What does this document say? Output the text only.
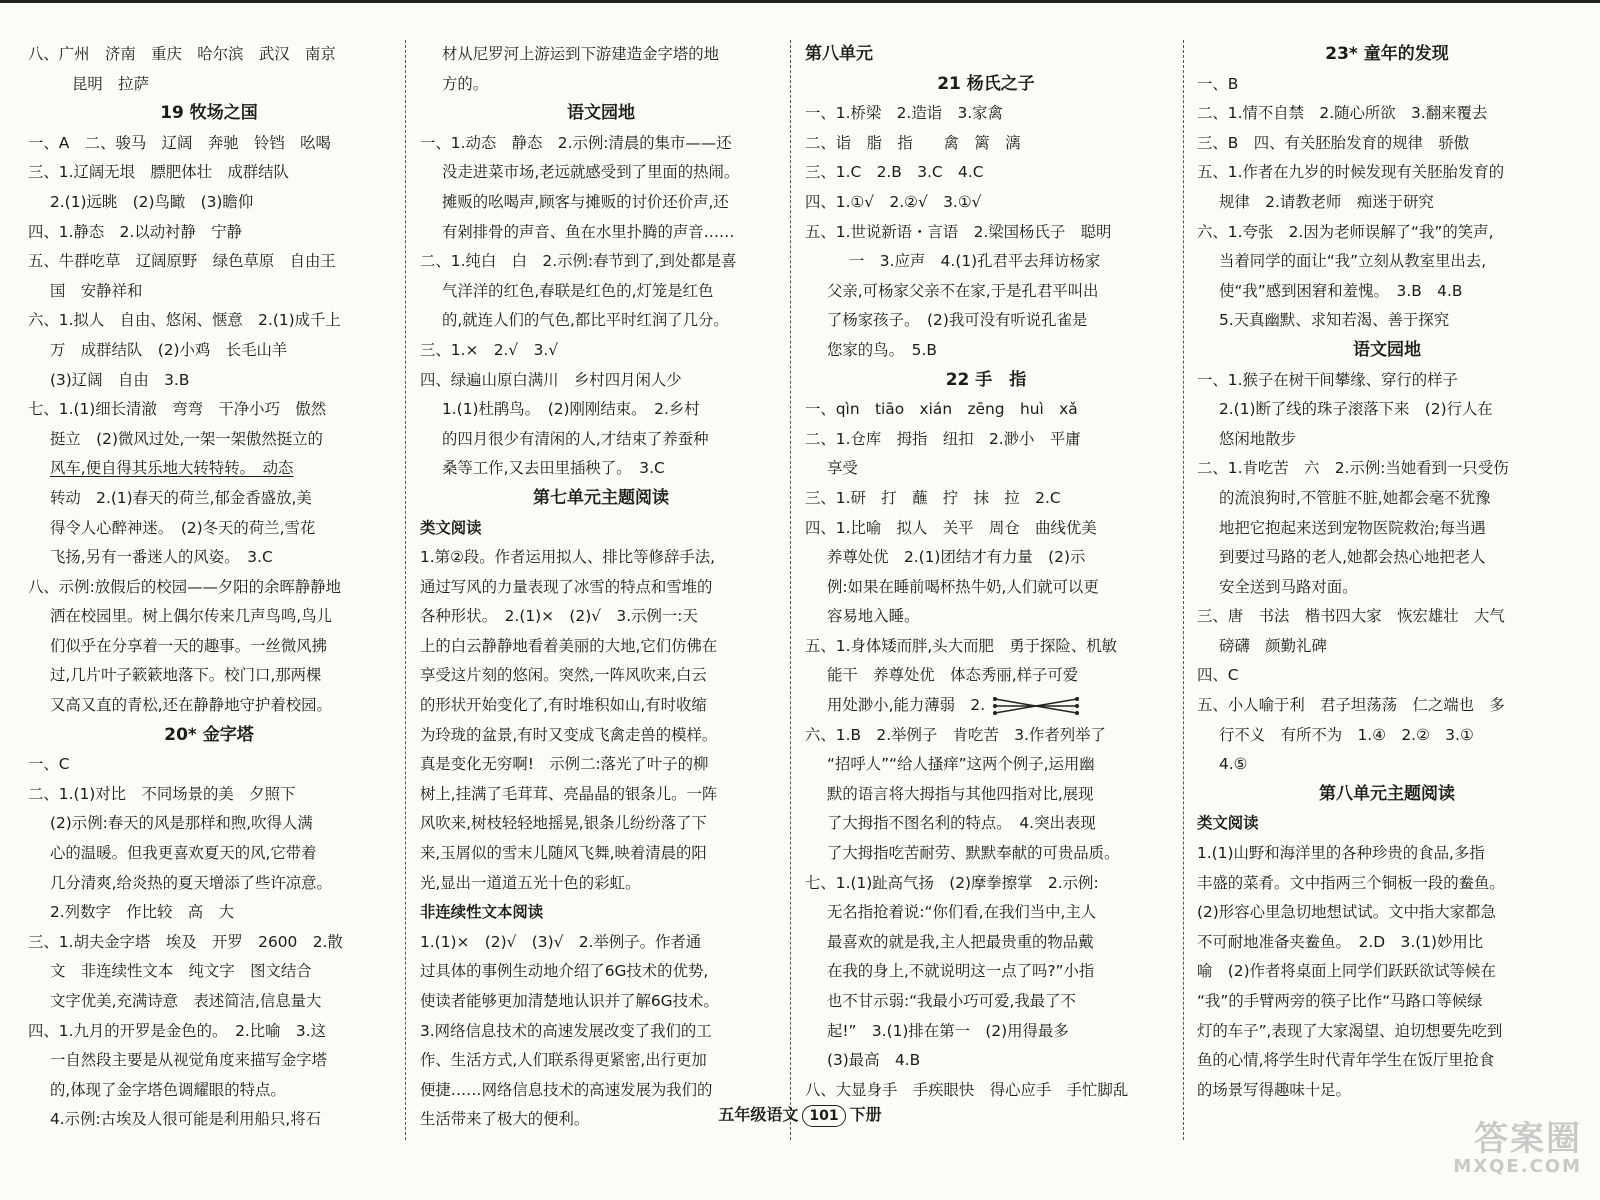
八、广州　济南　重庆　哈尔滨　武汉　南京
昆明　拉萨
19 牧场之国
一、A　二、骏马　辽阔　奔驰　铃铛　吆喝
三、1.辽阔无垠　膘肥体壮　成群结队
2.(1)远眺　(2)鸟瞰　(3)瞻仰
四、1.静态　2.以动衬静　宁静
五、牛群吃草　辽阔原野　绿色草原　自由王
国　安静祥和
六、1.拟人　自由、悠闲、惬意　2.(1)成千上
万　成群结队　(2)小鸡　长毛山羊
(3)辽阔　自由　3.B
七、1.(1)细长清澈　弯弯　干净小巧　傲然
挺立　(2)微风过处,一架一架傲然挺立的
风车,便自得其乐地大转特转。　动态
转动　2.(1)春天的荷兰,郁金香盛放,美
得令人心醉神迷。　(2)冬天的荷兰,雪花
飞扬,另有一番迷人的风姿。　3.C
八、示例:放假后的校园——夕阳的余晖静静地
洒在校园里。树上偶尔传来几声鸟鸣,鸟儿
们似乎在分享着一天的趣事。一丝微风拂
过,几片叶子簌簌地落下。校门口,那两棵
又高又直的青松,还在静静地守护着校园。
20* 金字塔
一、C
二、1.(1)对比　不同场景的美　夕照下
(2)示例:春天的风是那样和煦,吹得人满
心的温暖。但我更喜欢夏天的风,它带着
几分清爽,给炎热的夏天增添了些许凉意。
2.列数字　作比较　高　大
三、1.胡夫金字塔　埃及　开罗　2600　2.散
文　非连续性文本　纯文字　图文结合
文字优美,充满诗意　表述简洁,信息量大
四、1.九月的开罗是金色的。　2.比喻　3.这
一自然段主要是从视觉角度来描写金字塔
的,体现了金字塔色调耀眼的特点。
4.示例:古埃及人很可能是利用船只,将石
材从尼罗河上游运到下游建造金字塔的地
方的。
语文园地
一、1.动态　静态　2.示例:清晨的集市——还
没走进菜市场,老远就感受到了里面的热闹。
摊贩的吆喝声,顾客与摊贩的讨价还价声,还
有剁排骨的声音、鱼在水里扑腾的声音……
二、1.纯白　白　2.示例:春节到了,到处都是喜
气洋洋的红色,春联是红色的,灯笼是红色
的,就连人们的气色,都比平时红润了几分。
三、1.×　2.√　3.√
四、绿遍山原白满川　乡村四月闲人少
1.(1)杜鹃鸟。　(2)刚刚结束。　2.乡村
的四月很少有清闲的人,才结束了养蚕种
桑等工作,又去田里插秧了。　3.C
第七单元主题阅读
类文阅读
1.第②段。作者运用拟人、排比等修辞手法,
通过写风的力量表现了冰雪的特点和雪堆的
各种形状。　2.(1)×　(2)√　3.示例一:天
上的白云静静地看着美丽的大地,它们仿佛在
享受这片刻的悠闲。突然,一阵风吹来,白云
的形状开始变化了,有时堆积如山,有时收缩
为玲珑的盆景,有时又变成飞禽走兽的模样。
真是变化无穷啊!　示例二:落光了叶子的柳
树上,挂满了毛茸茸、亮晶晶的银条儿。一阵
风吹来,树枝轻轻地摇晃,银条儿纷纷落了下
来,玉屑似的雪末儿随风飞舞,映着清晨的阳
光,显出一道道五光十色的彩虹。
非连续性文本阅读
1.(1)×　(2)√　(3)√　2.举例子。作者通
过具体的事例生动地介绍了6G技术的优势,
使读者能够更加清楚地认识并了解6G技术。
3.网络信息技术的高速发展改变了我们的工
作、生活方式,人们联系得更紧密,出行更加
便捷……网络信息技术的高速发展为我们的
生活带来了极大的便利。
第八单元
21 杨氏之子
一、1.桥梁　2.造诣　3.家禽
二、诣　脂　指　　禽　篱　漓
三、1.C　2.B　3.C　4.C
四、1.①√　2.②√　3.①√
五、1.世说新语・言语　2.梁国杨氏子　聪明
一　3.应声　4.(1)孔君平去拜访杨家
父亲,可杨家父亲不在家,于是孔君平叫出
了杨家孩子。　(2)我可没有听说孔雀是
您家的鸟。　5.B
22 手　指
一、qìn　tiāo　xián　zēng　huì　xǎ
二、1.仓库　拇指　纽扣　2.渺小　平庸
享受
三、1.研　打　蘸　拧　抹　拉　2.C
四、1.比喻　拟人　关平　周仓　曲线优美
养尊处优　2.(1)团结才有力量　(2)示
例:如果在睡前喝杯热牛奶,人们就可以更
容易地入睡。
五、1.身体矮而胖,头大而肥　勇于探险、机敏
能干　养尊处优　体态秀丽,样子可爱
用处渺小,能力薄弱　2.
六、1.B　2.举例子　肯吃苦　3.作者列举了
“招呼人”“给人搔痒”这两个例子,运用幽
默的语言将大拇指与其他四指对比,展现
了大拇指不图名利的特点。　4.突出表现
了大拇指吃苦耐劳、默默奉献的可贵品质。
七、1.(1)趾高气扬　(2)摩拳擦掌　2.示例:
无名指抢着说:“你们看,在我们当中,主人
最喜欢的就是我,主人把最贵重的物品戴
在我的身上,不就说明这一点了吗?”小指
也不甘示弱:“我最小巧可爱,我最了不
起!”　3.(1)排在第一　(2)用得最多
(3)最高　4.B
八、大显身手　手疾眼快　得心应手　手忙脚乱
23* 童年的发现
一、B
二、1.情不自禁　2.随心所欲　3.翻来覆去
三、B　四、有关胚胎发育的规律　骄傲
五、1.作者在九岁的时候发现有关胚胎发育的
规律　2.请教老师　痴迷于研究
六、1.夸张　2.因为老师误解了“我”的笑声,
当着同学的面让“我”立刻从教室里出去,
使“我”感到困窘和羞愧。　3.B　4.B
5.天真幽默、求知若渴、善于探究
语文园地
一、1.猴子在树干间攀缘、穿行的样子
2.(1)断了线的珠子滚落下来　(2)行人在
悠闲地散步
二、1.肯吃苦　六　2.示例:当她看到一只受伤
的流浪狗时,不管脏不脏,她都会毫不犹豫
地把它抱起来送到宠物医院救治;每当遇
到要过马路的老人,她都会热心地把老人
安全送到马路对面。
三、唐　书法　楷书四大家　恢宏雄壮　大气
磅礴　颜勤礼碑
四、C
五、小人喻于利　君子坦荡荡　仁之端也　多
行不义　有所不为　1.④　2.②　3.①
4.⑤
第八单元主题阅读
类文阅读
1.(1)山野和海洋里的各种珍贵的食品,多指
丰盛的菜肴。文中指两三个铜板一段的鲞鱼。
(2)形容心里急切地想试试。文中指大家都急
不可耐地准备夹鲞鱼。　2.D　3.(1)妙用比
喻　(2)作者将桌面上同学们跃跃欲试等候在
“我”的手臂两旁的筷子比作“马路口等候绿
灯的车子”,表现了大家渴望、迫切想要先吃到
鱼的心情,将学生时代青年学生在饭厅里抢食
的场景写得趣味十足。
五年级语文 101 下册
答案圈
MXQE.COM
